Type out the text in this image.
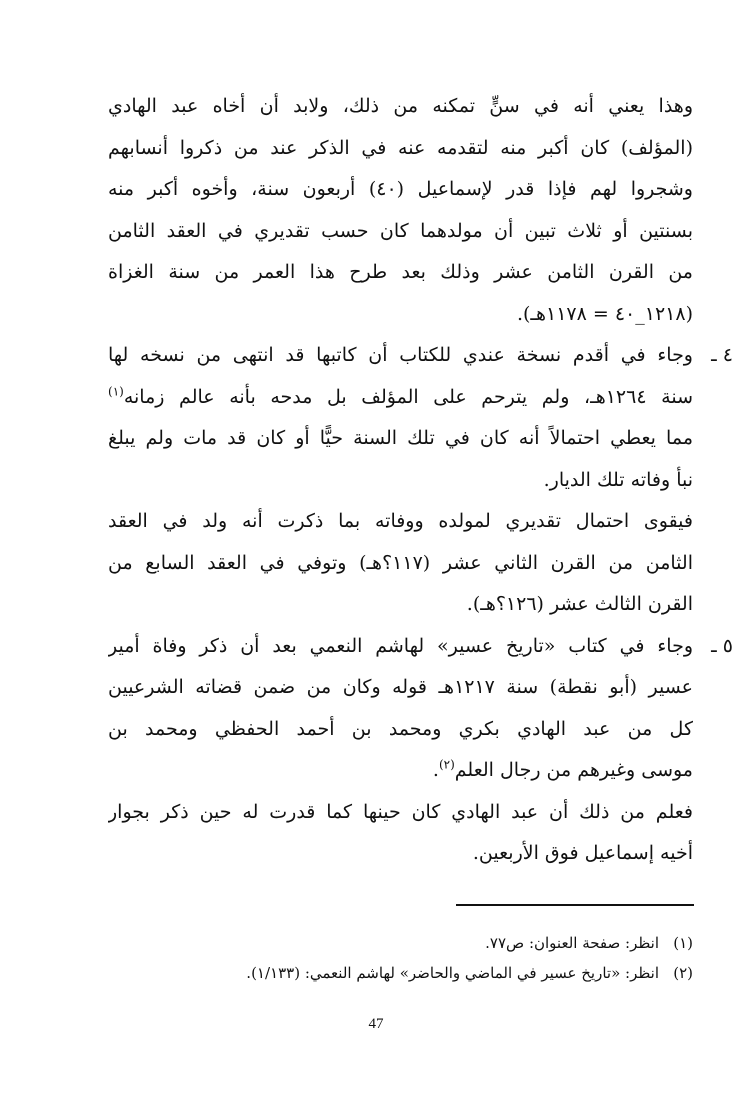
وهذا يعني أنه في سنٍّ تمكنه من ذلك، ولابد أن أخاه عبد الهادي
(المؤلف) كان أكبر منه لتقدمه عنه في الذكر عند من ذكروا أنسابهم
وشجروا لهم فإذا قدر لإسماعيل (٤٠) أربعون سنة، وأخوه أكبر منه
بسنتين أو ثلاث تبين أن مولدهما كان حسب تقديري في العقد الثامن
من القرن الثامن عشر وذلك بعد طرح هذا العمر من سنة الغزاة
(١٢١٨_٤٠ = ١١٧٨هـ).
٤ ـ
وجاء في أقدم نسخة عندي للكتاب أن كاتبها قد انتهى من نسخه لها
سنة ١٢٦٤هـ، ولم يترحم على المؤلف بل مدحه بأنه عالم زمانه$^{(١)}$
مما يعطي احتمالاً أنه كان في تلك السنة حيًّا أو كان قد مات ولم يبلغ
نبأ وفاته تلك الديار.
فيقوى احتمال تقديري لمولده ووفاته بما ذكرت أنه ولد في العقد
الثامن من القرن الثاني عشر (١١٧؟هـ) وتوفي في العقد السابع من
القرن الثالث عشر (١٢٦؟هـ).
٥ ـ
وجاء في كتاب «تاريخ عسير» لهاشم النعمي بعد أن ذكر وفاة أمير
عسير (أبو نقطة) سنة ١٢١٧هـ قوله وكان من ضمن قضاته الشرعيين
كل من عبد الهادي بكري ومحمد بن أحمد الحفظي ومحمد بن
موسى وغيرهم من رجال العلم$^{(٢)}$.
فعلم من ذلك أن عبد الهادي كان حينها كما قدرت له حين ذكر بجوار
أخيه إسماعيل فوق الأربعين.
(١)انظر: صفحة العنوان: ص٧٧.
(٢)انظر: «تاريخ عسير في الماضي والحاضر» لهاشم النعمي: (١/١٣٣).
47
